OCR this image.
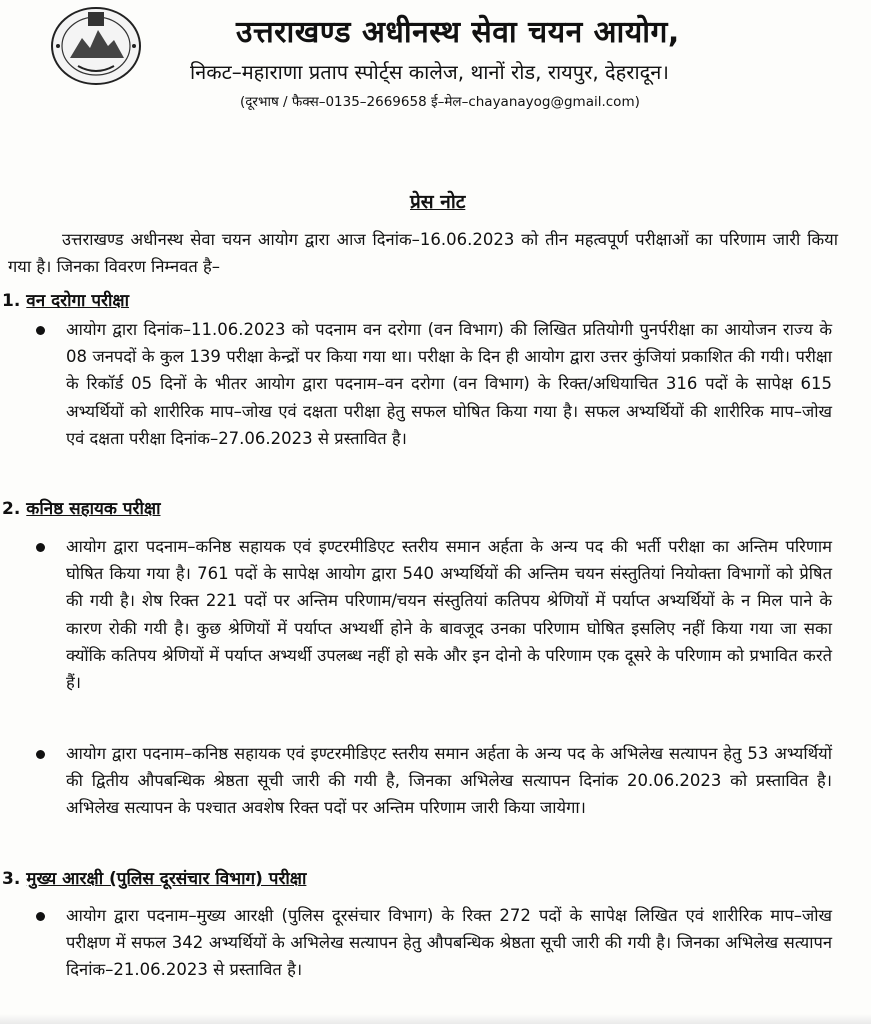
उत्तराखण्ड अधीनस्थ सेवा चयन आयोग,
निकट–महाराणा प्रताप स्पोर्ट्स कालेज, थानों रोड, रायपुर, देहरादून।
(दूरभाष / फैक्स–0135–2669658 ई–मेल–chayanayog@gmail.com)
प्रेस नोट
उत्तराखण्ड अधीनस्थ सेवा चयन आयोग द्वारा आज दिनांक–16.06.2023 को तीन महत्वपूर्ण परीक्षाओं का परिणाम जारी किया गया है। जिनका विवरण निम्नवत है–
1. वन दरोगा परीक्षा
आयोग द्वारा दिनांक–11.06.2023 को पदनाम वन दरोगा (वन विभाग) की लिखित प्रतियोगी पुनर्परीक्षा का आयोजन राज्य के 08 जनपदों के कुल 139 परीक्षा केन्द्रों पर किया गया था। परीक्षा के दिन ही आयोग द्वारा उत्तर कुंजियां प्रकाशित की गयी। परीक्षा के रिकॉर्ड 05 दिनों के भीतर आयोग द्वारा पदनाम–वन दरोगा (वन विभाग) के रिक्त/अधियाचित 316 पदों के सापेक्ष 615 अभ्यर्थियों को शारीरिक माप–जोख एवं दक्षता परीक्षा हेतु सफल घोषित किया गया है। सफल अभ्यर्थियों की शारीरिक माप–जोख एवं दक्षता परीक्षा दिनांक–27.06.2023 से प्रस्तावित है।
2. कनिष्ठ सहायक परीक्षा
आयोग द्वारा पदनाम–कनिष्ठ सहायक एवं इण्टरमीडिएट स्तरीय समान अर्हता के अन्य पद की भर्ती परीक्षा का अन्तिम परिणाम घोषित किया गया है। 761 पदों के सापेक्ष आयोग द्वारा 540 अभ्यर्थियों की अन्तिम चयन संस्तुतियां नियोक्ता विभागों को प्रेषित की गयी है। शेष रिक्त 221 पदों पर अन्तिम परिणाम/चयन संस्तुतियां कतिपय श्रेणियों में पर्याप्त अभ्यर्थियों के न मिल पाने के कारण रोकी गयी है। कुछ श्रेणियों में पर्याप्त अभ्यर्थी होने के बावजूद उनका परिणाम घोषित इसलिए नहीं किया गया जा सका क्योंकि कतिपय श्रेणियों में पर्याप्त अभ्यर्थी उपलब्ध नहीं हो सके और इन दोनो के परिणाम एक दूसरे के परिणाम को प्रभावित करते हैं।
आयोग द्वारा पदनाम–कनिष्ठ सहायक एवं इण्टरमीडिएट स्तरीय समान अर्हता के अन्य पद के अभिलेख सत्यापन हेतु 53 अभ्यर्थियों की द्वितीय औपबन्धिक श्रेष्ठता सूची जारी की गयी है, जिनका अभिलेख सत्यापन दिनांक 20.06.2023 को प्रस्तावित है। अभिलेख सत्यापन के पश्चात अवशेष रिक्त पदों पर अन्तिम परिणाम जारी किया जायेगा।
3. मुख्य आरक्षी (पुलिस दूरसंचार विभाग) परीक्षा
आयोग द्वारा पदनाम–मुख्य आरक्षी (पुलिस दूरसंचार विभाग) के रिक्त 272 पदों के सापेक्ष लिखित एवं शारीरिक माप–जोख परीक्षण में सफल 342 अभ्यर्थियों के अभिलेख सत्यापन हेतु औपबन्धिक श्रेष्ठता सूची जारी की गयी है। जिनका अभिलेख सत्यापन दिनांक–21.06.2023 से प्रस्तावित है।
